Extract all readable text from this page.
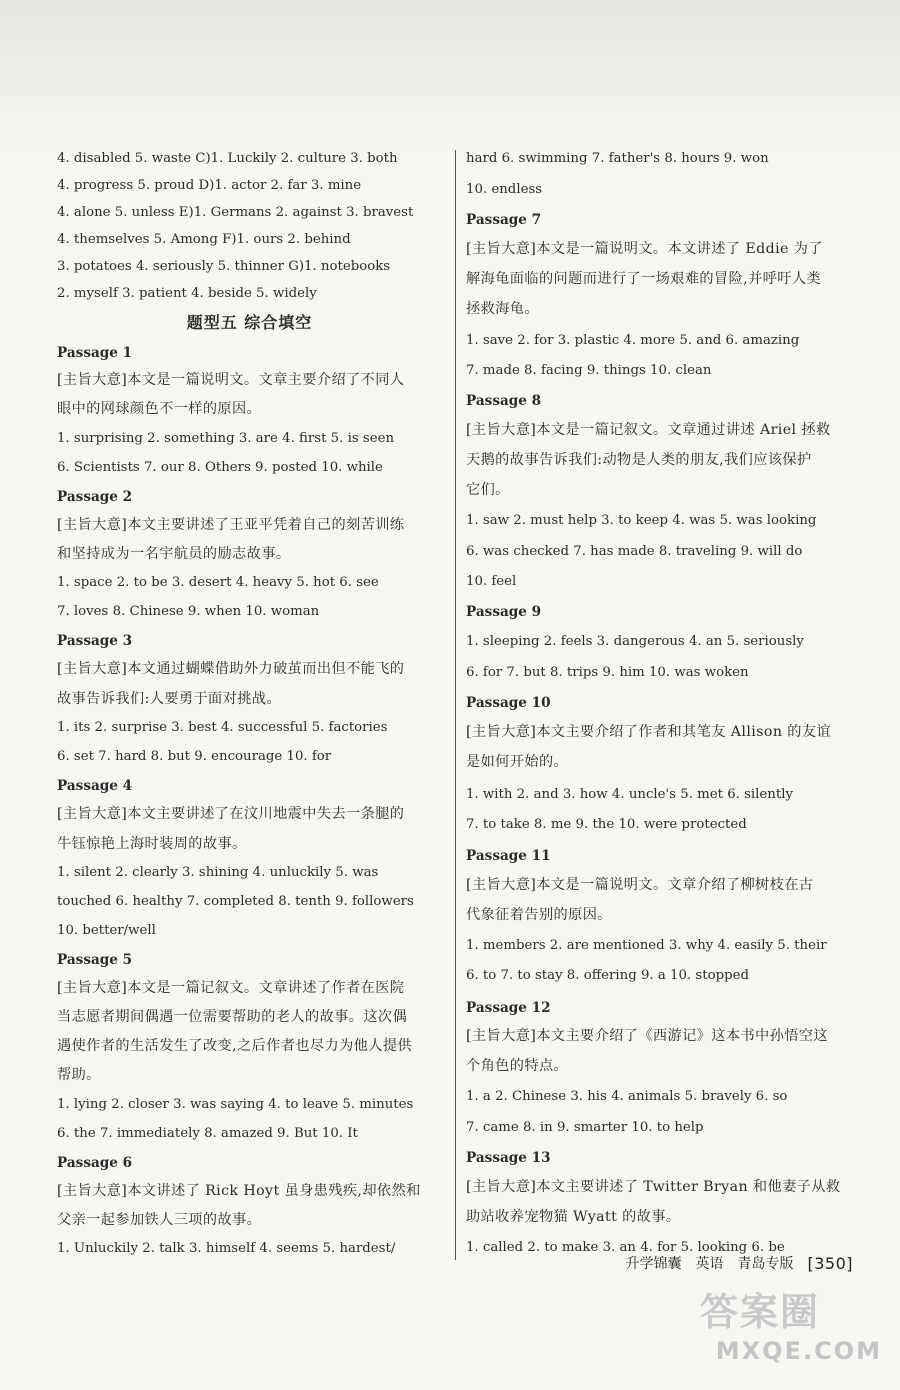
4. disabled 5. waste C)1. Luckily 2. culture 3. both
4. progress 5. proud D)1. actor 2. far 3. mine
4. alone 5. unless E)1. Germans 2. against 3. bravest
4. themselves 5. Among F)1. ours 2. behind
3. potatoes 4. seriously 5. thinner G)1. notebooks
2. myself 3. patient 4. beside 5. widely
题型五 综合填空
Passage 1
[主旨大意]本文是一篇说明文。文章主要介绍了不同人
眼中的网球颜色不一样的原因。
1. surprising 2. something 3. are 4. first 5. is seen
6. Scientists 7. our 8. Others 9. posted 10. while
Passage 2
[主旨大意]本文主要讲述了王亚平凭着自己的刻苦训练
和坚持成为一名宇航员的励志故事。
1. space 2. to be 3. desert 4. heavy 5. hot 6. see
7. loves 8. Chinese 9. when 10. woman
Passage 3
[主旨大意]本文通过蝴蝶借助外力破茧而出但不能飞的
故事告诉我们:人要勇于面对挑战。
1. its 2. surprise 3. best 4. successful 5. factories
6. set 7. hard 8. but 9. encourage 10. for
Passage 4
[主旨大意]本文主要讲述了在汶川地震中失去一条腿的
牛钰惊艳上海时装周的故事。
1. silent 2. clearly 3. shining 4. unluckily 5. was
touched 6. healthy 7. completed 8. tenth 9. followers
10. better/well
Passage 5
[主旨大意]本文是一篇记叙文。文章讲述了作者在医院
当志愿者期间偶遇一位需要帮助的老人的故事。这次偶
遇使作者的生活发生了改变,之后作者也尽力为他人提供
帮助。
1. lying 2. closer 3. was saying 4. to leave 5. minutes
6. the 7. immediately 8. amazed 9. But 10. It
Passage 6
[主旨大意]本文讲述了 Rick Hoyt 虽身患残疾,却依然和
父亲一起参加铁人三项的故事。
1. Unluckily 2. talk 3. himself 4. seems 5. hardest/
hard 6. swimming 7. father's 8. hours 9. won
10. endless
Passage 7
[主旨大意]本文是一篇说明文。本文讲述了 Eddie 为了
解海龟面临的问题而进行了一场艰难的冒险,并呼吁人类
拯救海龟。
1. save 2. for 3. plastic 4. more 5. and 6. amazing
7. made 8. facing 9. things 10. clean
Passage 8
[主旨大意]本文是一篇记叙文。文章通过讲述 Ariel 拯救
天鹅的故事告诉我们:动物是人类的朋友,我们应该保护
它们。
1. saw 2. must help 3. to keep 4. was 5. was looking
6. was checked 7. has made 8. traveling 9. will do
10. feel
Passage 9
1. sleeping 2. feels 3. dangerous 4. an 5. seriously
6. for 7. but 8. trips 9. him 10. was woken
Passage 10
[主旨大意]本文主要介绍了作者和其笔友 Allison 的友谊
是如何开始的。
1. with 2. and 3. how 4. uncle's 5. met 6. silently
7. to take 8. me 9. the 10. were protected
Passage 11
[主旨大意]本文是一篇说明文。文章介绍了柳树枝在古
代象征着告别的原因。
1. members 2. are mentioned 3. why 4. easily 5. their
6. to 7. to stay 8. offering 9. a 10. stopped
Passage 12
[主旨大意]本文主要介绍了《西游记》这本书中孙悟空这
个角色的特点。
1. a 2. Chinese 3. his 4. animals 5. bravely 6. so
7. came 8. in 9. smarter 10. to help
Passage 13
[主旨大意]本文主要讲述了 Twitter Bryan 和他妻子从救
助站收养宠物猫 Wyatt 的故事。
1. called 2. to make 3. an 4. for 5. looking 6. be
升学锦囊 英语 青岛专版 [350]
答案圈
MXQE.COM
